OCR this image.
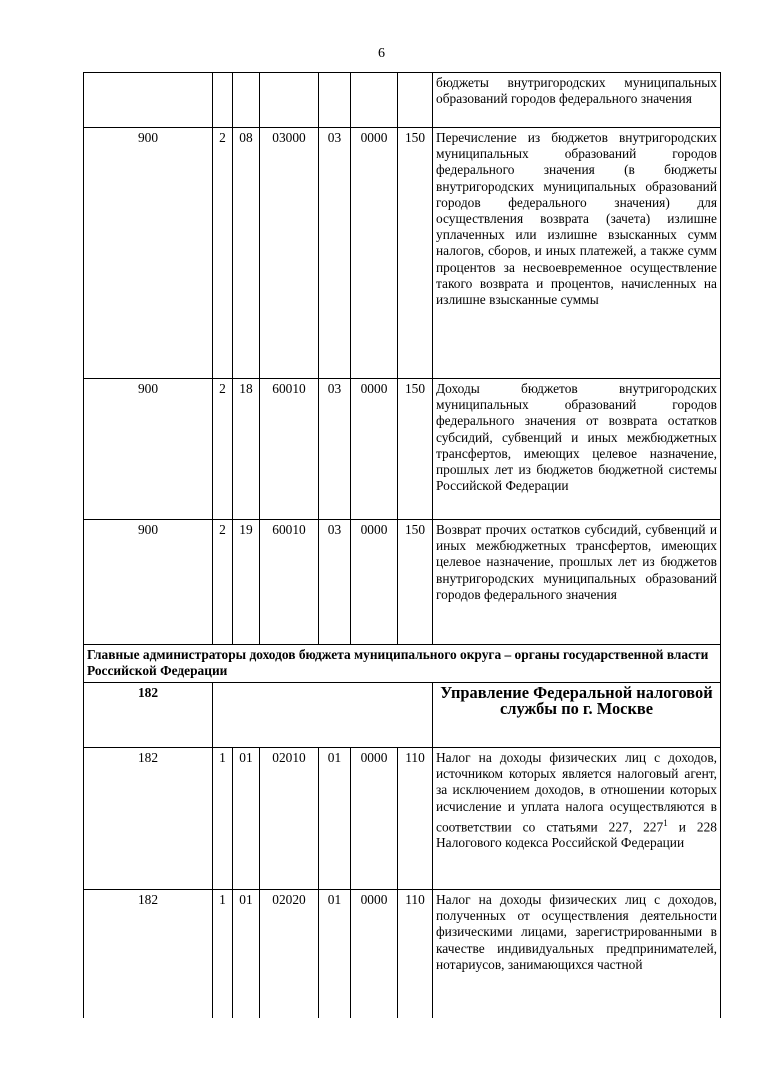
6
							бюджеты внутригородских муниципальных образований городов федерального значения
900	2	08	03000	03	0000	150	Перечисление из бюджетов внутригородских муниципальных образований городов федерального значения (в бюджеты внутригородских муниципальных образований городов федерального значения) для осуществления возврата (зачета) излишне уплаченных или излишне взысканных сумм налогов, сборов, и иных платежей, а также сумм процентов за несвоевременное осуществление такого возврата и процентов, начисленных на излишне взысканные суммы
900	2	18	60010	03	0000	150	Доходы бюджетов внутригородских муниципальных образований городов федерального значения от возврата остатков субсидий, субвенций и иных межбюджетных трансфертов, имеющих целевое назначение, прошлых лет из бюджетов бюджетной системы Российской Федерации
900	2	19	60010	03	0000	150	Возврат прочих остатков субсидий, субвенций и иных межбюджетных трансфертов, имеющих целевое назначение, прошлых лет из бюджетов внутригородских муниципальных образований городов федерального значения
Главные администраторы доходов бюджета муниципального округа – органы государственной власти Российской Федерации							
182							Управление Федеральной налоговой службы по г. Москве
182	1	01	02010	01	0000	110	Налог на доходы физических лиц с доходов, источником которых является налоговый агент, за исключением доходов, в отношении которых исчисление и уплата налога осуществляются в соответствии со статьями 227, $227^1$ и 228 Налогового кодекса Российской Федерации
182	1	01	02020	01	0000	110	Налог на доходы физических лиц с доходов, полученных от осуществления деятельности физическими лицами, зарегистрированными в качестве индивидуальных предпринимателей, нотариусов, занимающихся частной
